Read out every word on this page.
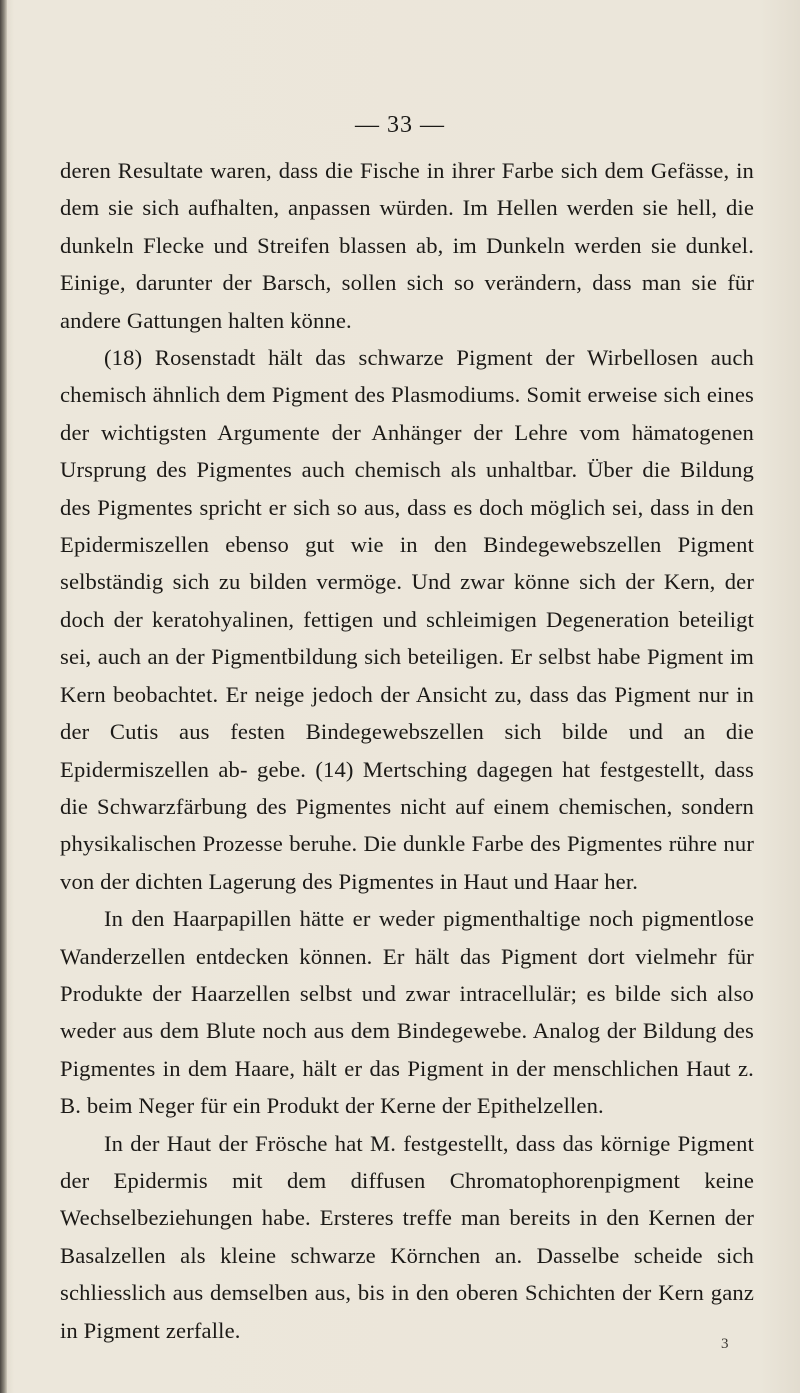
— 33 —

deren Resultate waren, dass die Fische in ihrer Farbe sich dem Gefässe, in dem sie sich aufhalten, anpassen würden. Im Hellen werden sie hell, die dunkeln Flecke und Streifen blassen ab, im Dunkeln werden sie dunkel. Einige, darunter der Barsch, sollen sich so verändern, dass man sie für andere Gattungen halten könne.

(18) Rosenstadt hält das schwarze Pigment der Wirbellosen auch chemisch ähnlich dem Pigment des Plasmodiums. Somit erweise sich eines der wichtigsten Argumente der Anhänger der Lehre vom hämatogenen Ursprung des Pigmentes auch chemisch als unhaltbar. Über die Bildung des Pigmentes spricht er sich so aus, dass es doch möglich sei, dass in den Epidermiszellen ebenso gut wie in den Bindegewebszellen Pigment selbständig sich zu bilden vermöge. Und zwar könne sich der Kern, der doch der keratohyalinen, fettigen und schleimigen Degeneration beteiligt sei, auch an der Pigmentbildung sich beteiligen. Er selbst habe Pigment im Kern beobachtet. Er neige jedoch der Ansicht zu, dass das Pigment nur in der Cutis aus festen Bindegewebszellen sich bilde und an die Epidermiszellen ab- gebe. (14) Mertsching dagegen hat festgestellt, dass die Schwarzfärbung des Pigmentes nicht auf einem chemischen, sondern physikalischen Prozesse beruhe. Die dunkle Farbe des Pigmentes rühre nur von der dichten Lagerung des Pigmentes in Haut und Haar her.

In den Haarpapillen hätte er weder pigmenthaltige noch pigmentlose Wanderzellen entdecken können. Er hält das Pigment dort vielmehr für Produkte der Haarzellen selbst und zwar intracellulär; es bilde sich also weder aus dem Blute noch aus dem Bindegewebe. Analog der Bildung des Pigmentes in dem Haare, hält er das Pigment in der menschlichen Haut z. B. beim Neger für ein Produkt der Kerne der Epithelzellen.

In der Haut der Frösche hat M. festgestellt, dass das körnige Pigment der Epidermis mit dem diffusen Chromatophorenpigment keine Wechselbeziehungen habe. Ersteres treffe man bereits in den Kernen der Basalzellen als kleine schwarze Körnchen an. Dasselbe scheide sich schliesslich aus demselben aus, bis in den oberen Schichten der Kern ganz in Pigment zerfalle.

3
